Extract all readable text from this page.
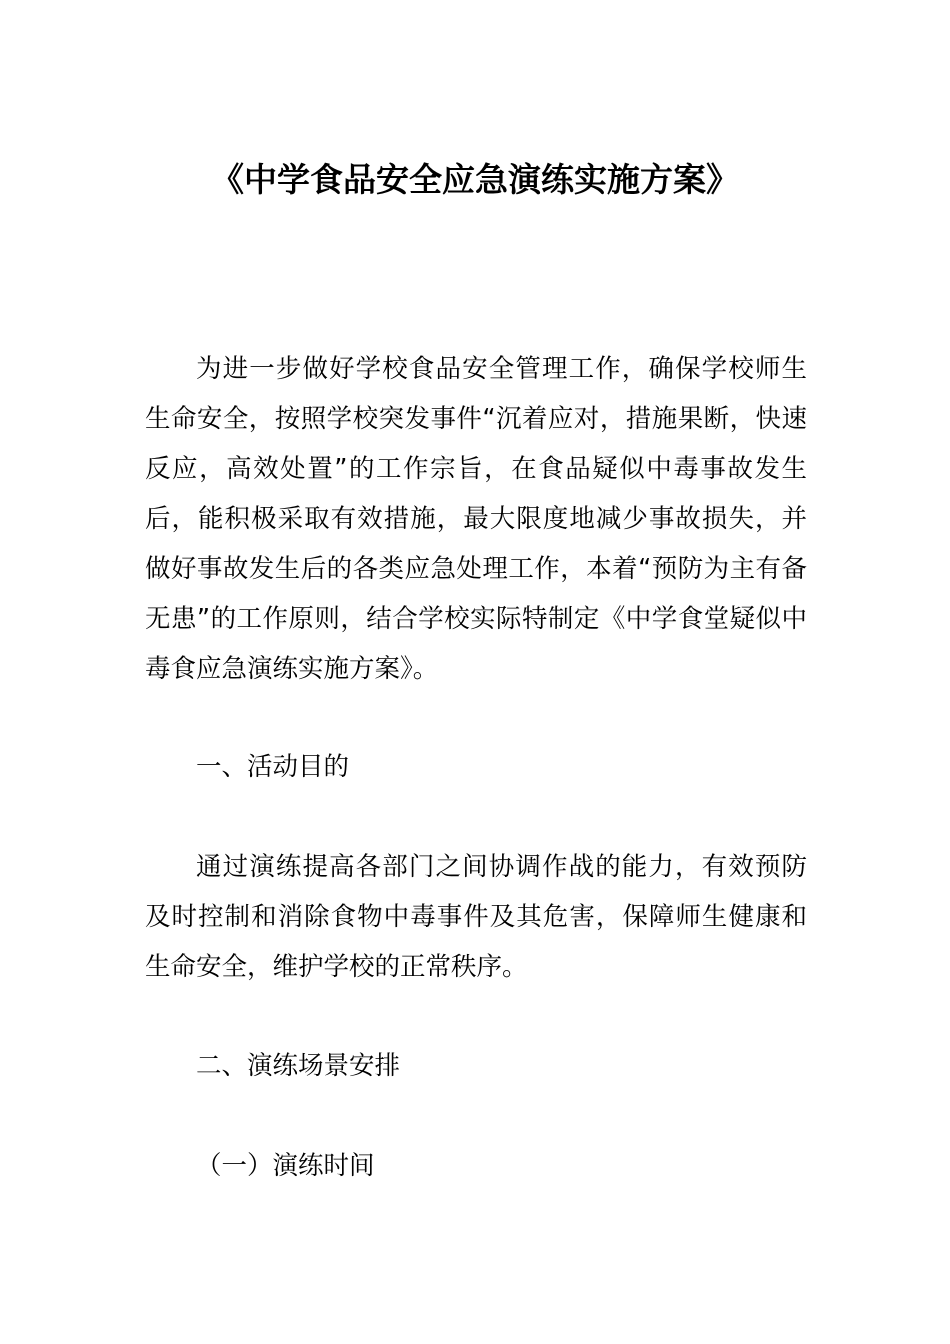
《中学食品安全应急演练实施方案》

为进一步做好学校食品安全管理工作，确保学校师生生命安全，按照学校突发事件“沉着应对，措施果断，快速反应，高效处置”的工作宗旨，在食品疑似中毒事故发生后，能积极采取有效措施，最大限度地减少事故损失，并做好事故发生后的各类应急处理工作，本着“预防为主有备无患”的工作原则，结合学校实际特制定《中学食堂疑似中毒食应急演练实施方案》。

一、活动目的

通过演练提高各部门之间协调作战的能力，有效预防及时控制和消除食物中毒事件及其危害，保障师生健康和生命安全，维护学校的正常秩序。

二、演练场景安排

（一）演练时间
